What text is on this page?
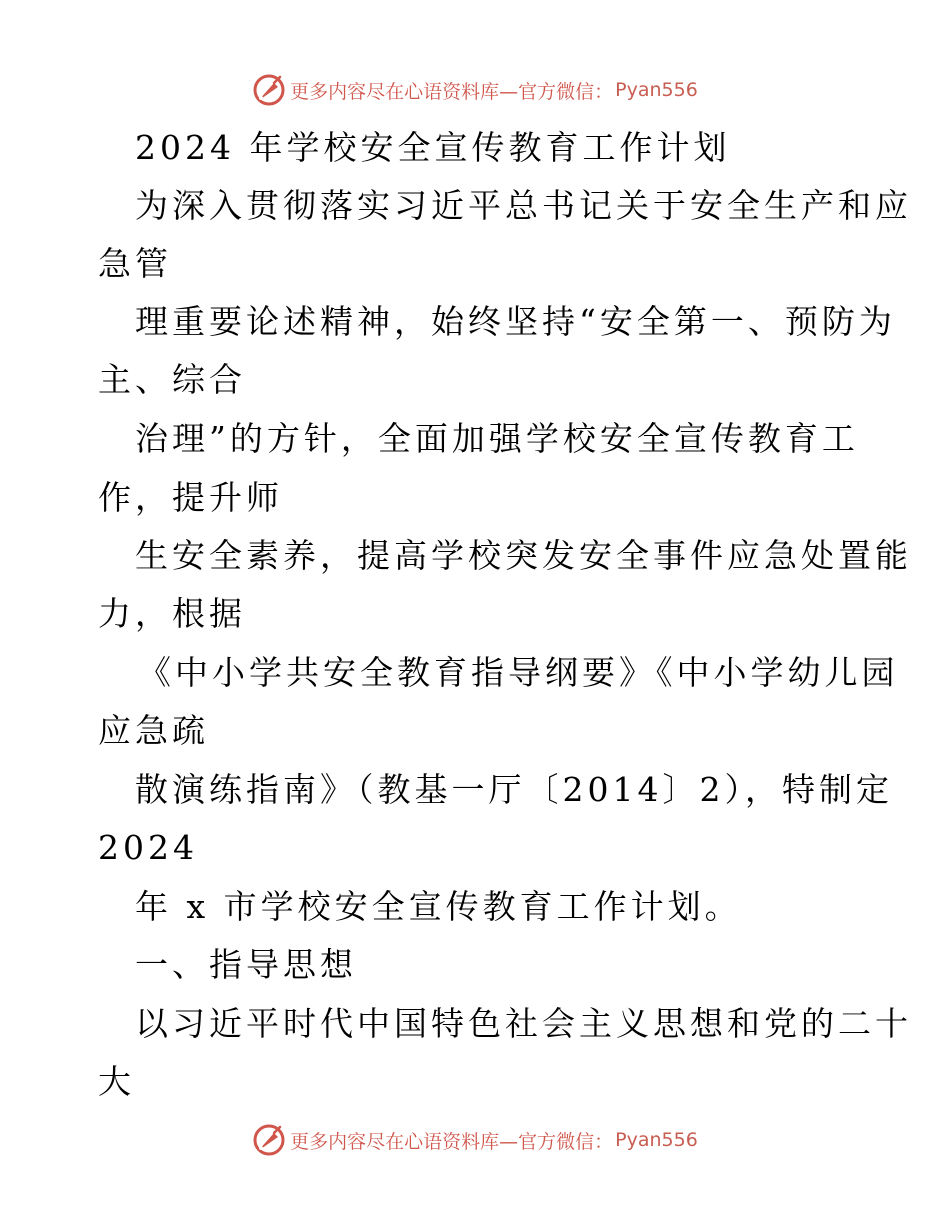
更多内容尽在心语资料库—官方微信： Pyan556
2024 年学校安全宣传教育工作计划
为深入贯彻落实习近平总书记关于安全生产和应
急管
理重要论述精神，始终坚持“安全第一、预防为
主、综合
治理”的方针，全面加强学校安全宣传教育工
作，提升师
生安全素养，提高学校突发安全事件应急处置能
力，根据
《中小学共安全教育指导纲要》《中小学幼儿园
应急疏
散演练指南》（教基一厅〔2014〕2），特制定
2024
年 x 市学校安全宣传教育工作计划。
一、指导思想
以习近平时代中国特色社会主义思想和党的二十
大
更多内容尽在心语资料库—官方微信： Pyan556
